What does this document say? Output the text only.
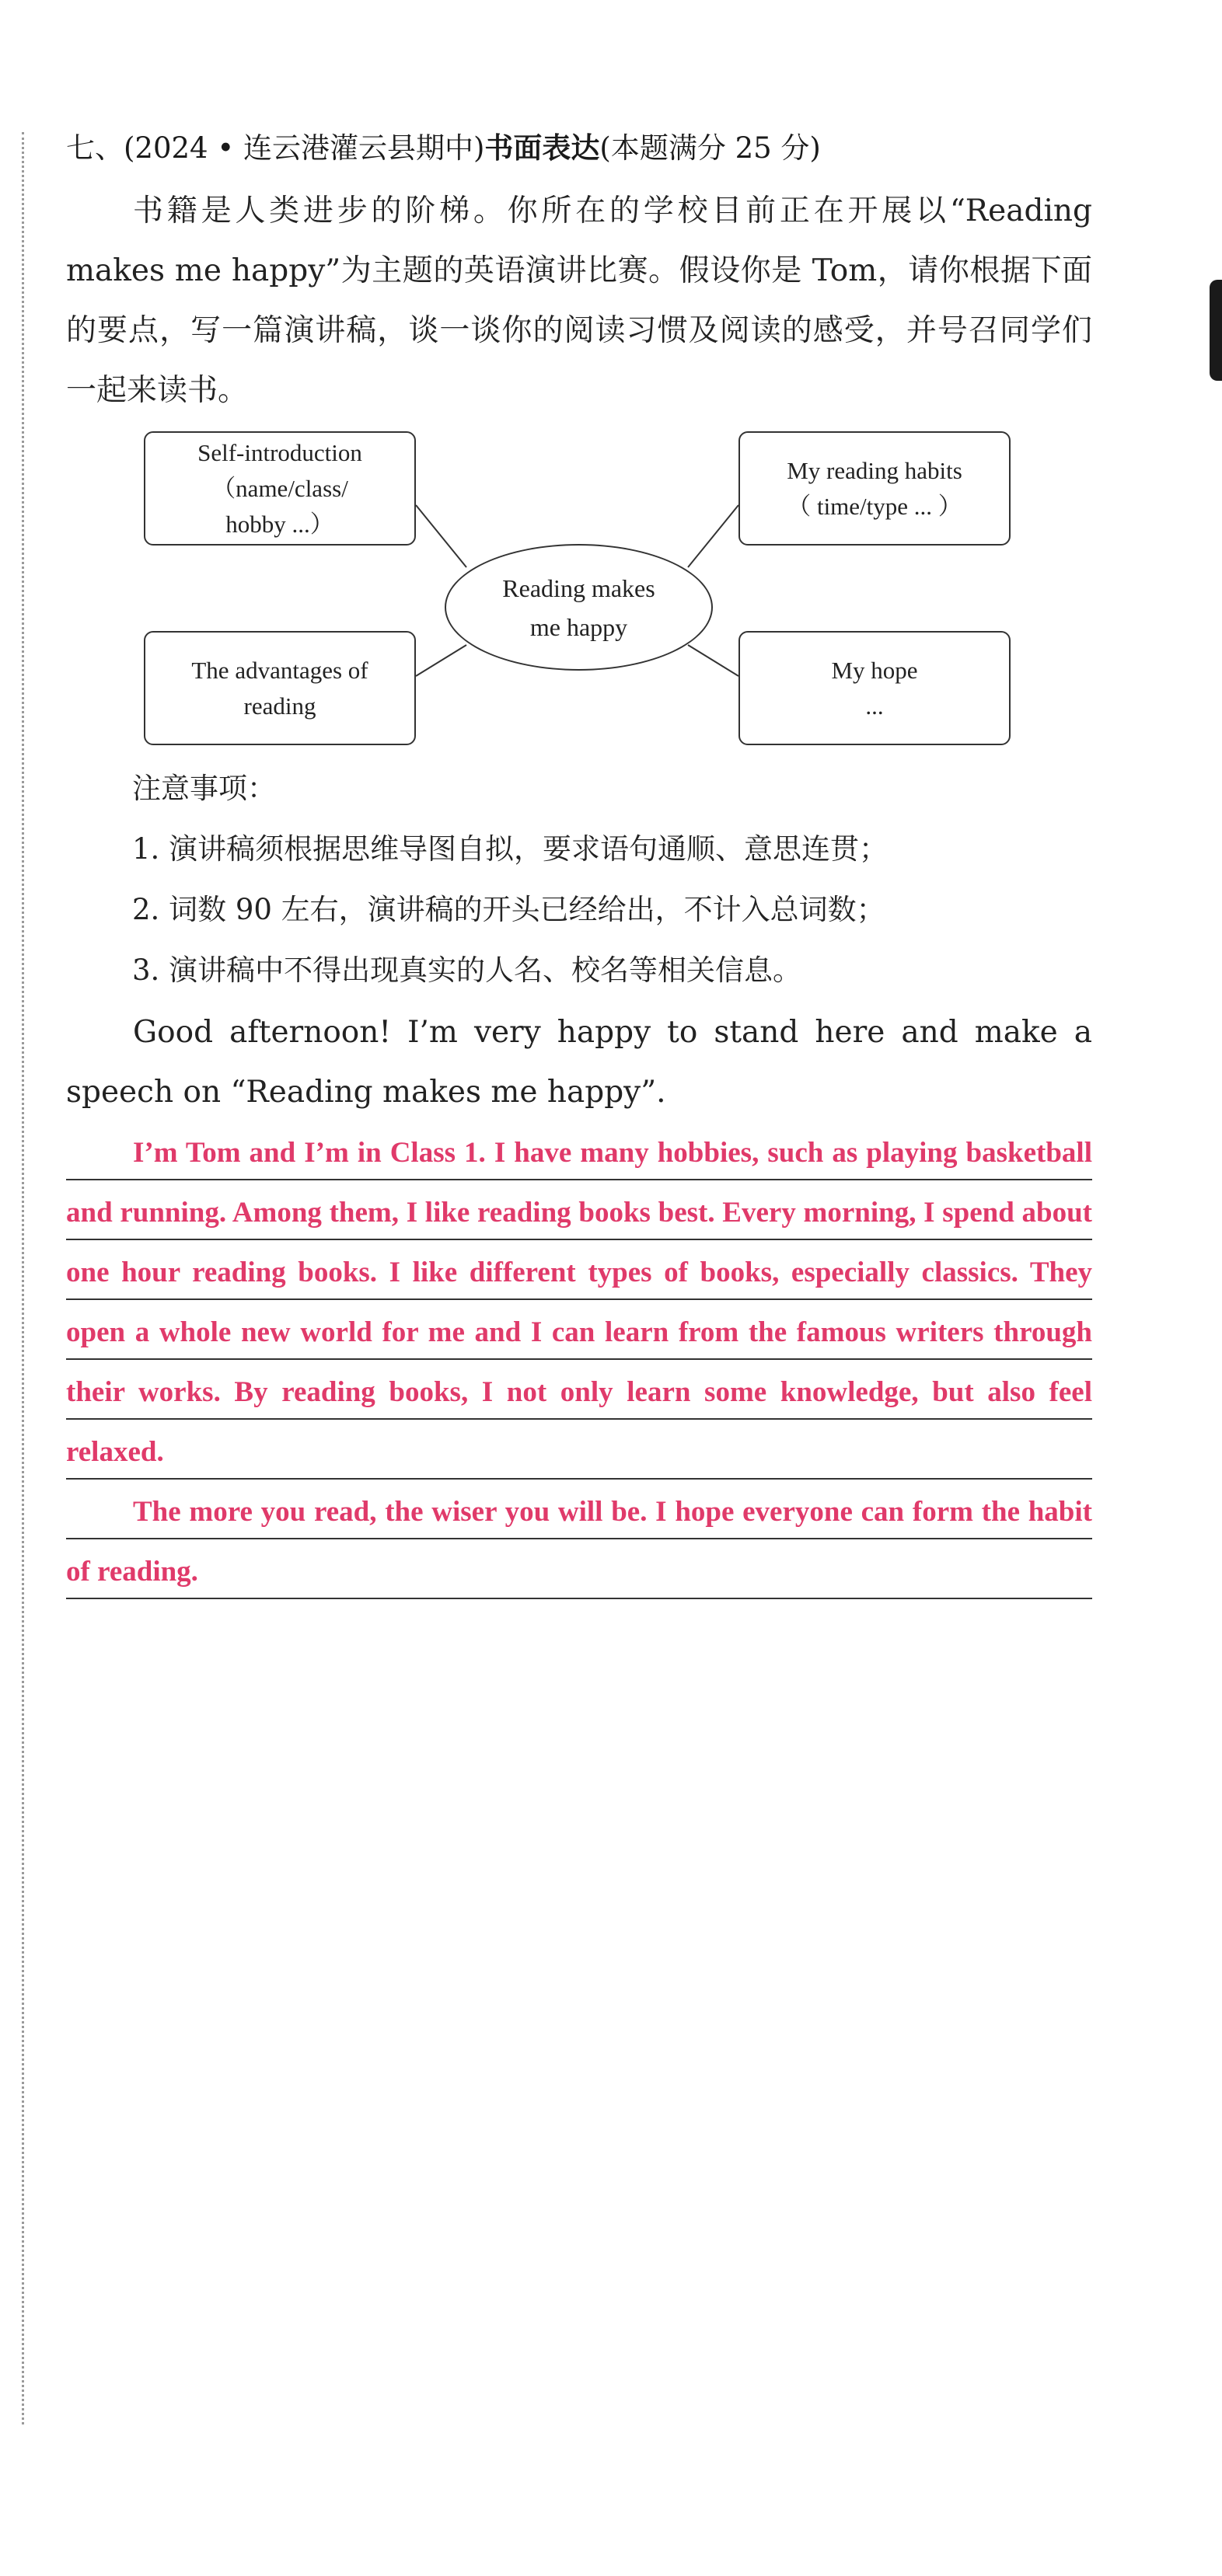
七、(2024 • 连云港灌云县期中)书面表达(本题满分 25 分)
书籍是人类进步的阶梯。你所在的学校目前正在开展以“Reading makes me happy”为主题的英语演讲比赛。假设你是 Tom，请你根据下面的要点，写一篇演讲稿，谈一谈你的阅读习惯及阅读的感受，并号召同学们一起来读书。
Self-introduction
（name/class/
hobby ...）
My reading habits
（ time/type ... ）
The advantages of
reading
My hope
...
Reading makes
me happy
注意事项：
1. 演讲稿须根据思维导图自拟，要求语句通顺、意思连贯；
2. 词数 90 左右，演讲稿的开头已经给出，不计入总词数；
3. 演讲稿中不得出现真实的人名、校名等相关信息。
Good afternoon! I’m very happy to stand here and make a speech on “Reading makes me happy”.
I’m Tom and I’m in Class 1. I have many hobbies, such as playing basketball and running. Among them, I like reading books best. Every morning, I spend about one hour reading books. I like different types of books, especially classics. They open a whole new world for me and I can learn from the famous writers through their works. By reading books, I not only learn some knowledge, but also feel relaxed.
The more you read, the wiser you will be. I hope everyone can form the habit of reading.
